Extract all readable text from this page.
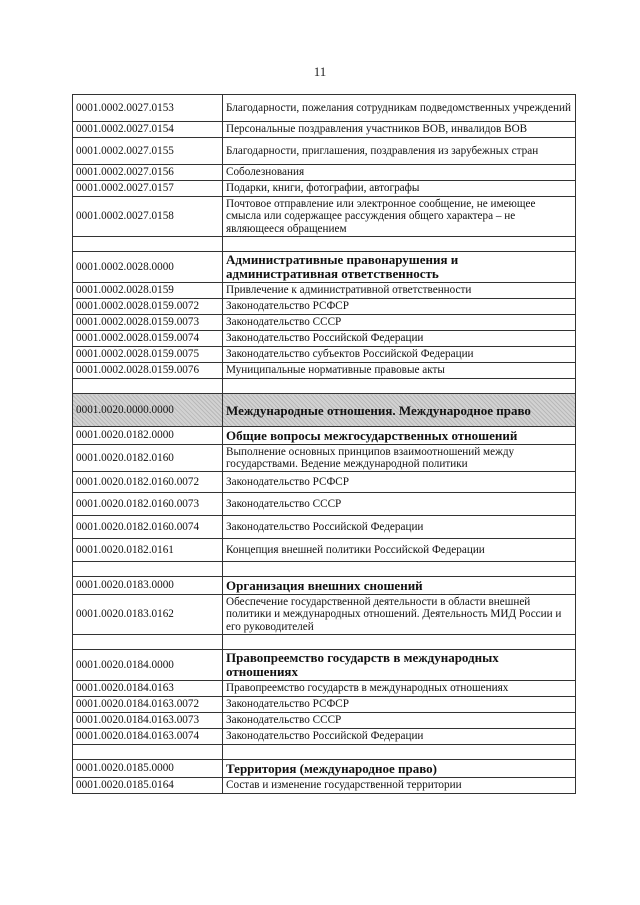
11
0001.0002.0027.0153	Благодарности, пожелания сотрудникам подведомственных учреждений
0001.0002.0027.0154	Персональные поздравления участников ВОВ, инвалидов ВОВ
0001.0002.0027.0155	Благодарности, приглашения, поздравления из зарубежных стран
0001.0002.0027.0156	Соболезнования
0001.0002.0027.0157	Подарки, книги, фотографии, автографы
0001.0002.0027.0158	Почтовое отправление или электронное сообщение, не имеющее смысла или содержащее рассуждения общего характера – не являющееся обращением

0001.0002.0028.0000	Административные правонарушения и административная ответственность
0001.0002.0028.0159	Привлечение к административной ответственности
0001.0002.0028.0159.0072	Законодательство РСФСР
0001.0002.0028.0159.0073	Законодательство СССР
0001.0002.0028.0159.0074	Законодательство Российской Федерации
0001.0002.0028.0159.0075	Законодательство субъектов Российской Федерации
0001.0002.0028.0159.0076	Муниципальные нормативные правовые акты

0001.0020.0000.0000	Международные отношения. Международное право
0001.0020.0182.0000	Общие вопросы межгосударственных отношений
0001.0020.0182.0160	Выполнение основных принципов взаимоотношений между государствами. Ведение международной политики
0001.0020.0182.0160.0072	Законодательство РСФСР
0001.0020.0182.0160.0073	Законодательство СССР
0001.0020.0182.0160.0074	Законодательство Российской Федерации
0001.0020.0182.0161	Концепция внешней политики Российской Федерации

0001.0020.0183.0000	Организация внешних сношений
0001.0020.0183.0162	Обеспечение государственной деятельности в области внешней политики и международных отношений. Деятельность МИД России и его руководителей

0001.0020.0184.0000	Правопреемство государств в международных отношениях
0001.0020.0184.0163	Правопреемство государств в международных отношениях
0001.0020.0184.0163.0072	Законодательство РСФСР
0001.0020.0184.0163.0073	Законодательство СССР
0001.0020.0184.0163.0074	Законодательство Российской Федерации

0001.0020.0185.0000	Территория (международное право)
0001.0020.0185.0164	Состав и изменение государственной территории
